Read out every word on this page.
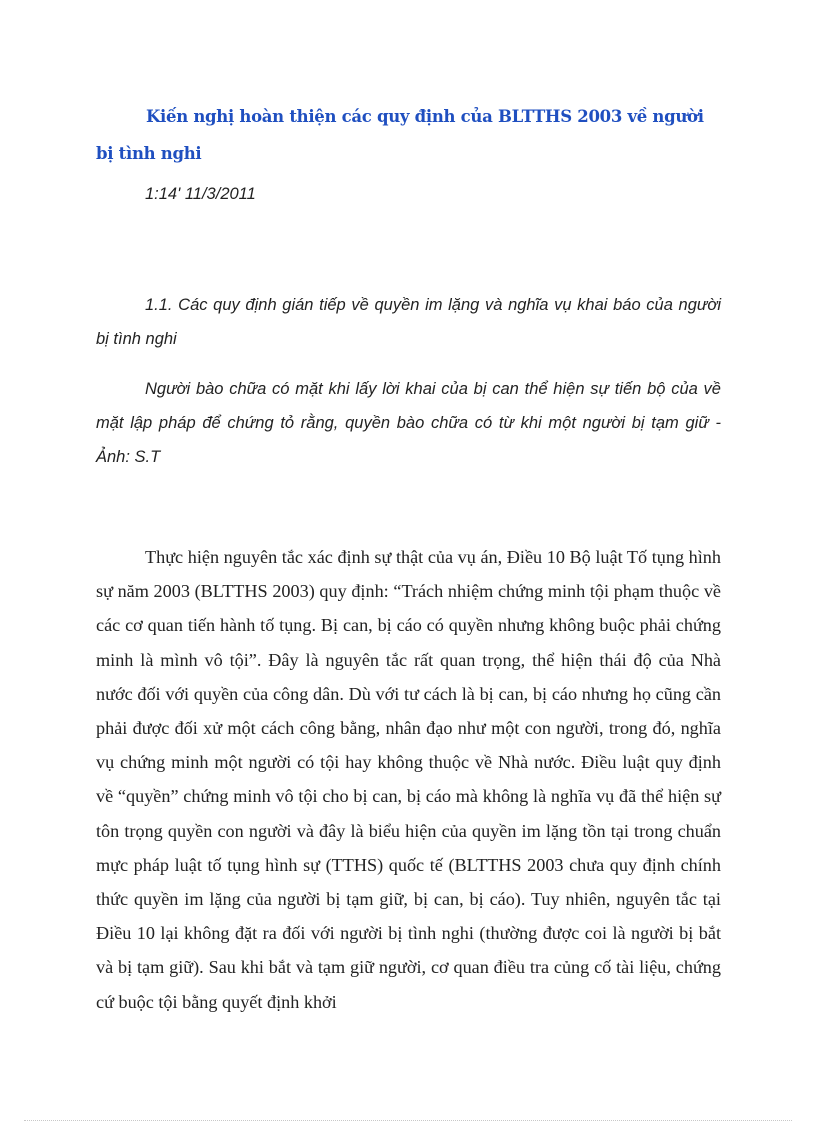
Kiến nghị hoàn thiện các quy định của BLTTHS 2003 về người bị tình nghi
1:14' 11/3/2011
1.1. Các quy định gián tiếp về quyền im lặng và nghĩa vụ khai báo của người bị tình nghi
Người bào chữa có mặt khi lấy lời khai của bị can thể hiện sự tiến bộ của về mặt lập pháp để chứng tỏ rằng, quyền bào chữa có từ khi một người bị tạm giữ - Ảnh: S.T
Thực hiện nguyên tắc xác định sự thật của vụ án, Điều 10 Bộ luật Tố tụng hình sự năm 2003 (BLTTHS 2003) quy định: “Trách nhiệm chứng minh tội phạm thuộc về các cơ quan tiến hành tố tụng. Bị can, bị cáo có quyền nhưng không buộc phải chứng minh là mình vô tội”. Đây là nguyên tắc rất quan trọng, thể hiện thái độ của Nhà nước đối với quyền của công dân. Dù với tư cách là bị can, bị cáo nhưng họ cũng cần phải được đối xử một cách công bằng, nhân đạo như một con người, trong đó, nghĩa vụ chứng minh một người có tội hay không thuộc về Nhà nước. Điều luật quy định về “quyền” chứng minh vô tội cho bị can, bị cáo mà không là nghĩa vụ đã thể hiện sự tôn trọng quyền con người và đây là biểu hiện của quyền im lặng tồn tại trong chuẩn mực pháp luật tố tụng hình sự (TTHS) quốc tế (BLTTHS 2003 chưa quy định chính thức quyền im lặng của người bị tạm giữ, bị can, bị cáo). Tuy nhiên, nguyên tắc tại Điều 10 lại không đặt ra đối với người bị tình nghi (thường được coi là người bị bắt và bị tạm giữ). Sau khi bắt và tạm giữ người, cơ quan điều tra củng cố tài liệu, chứng cứ buộc tội bằng quyết định khởi
